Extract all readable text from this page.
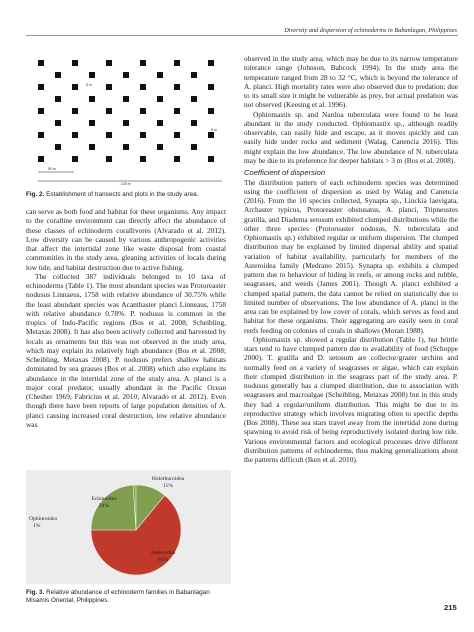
Diversity and dispersion of echinoderms in Babanlagan, Philippines
5 m
5 m
50 m
125 m
Fig. 2. Establishment of transects and plots in the study area.

can serve as both food and habitat for these organisms. Any impact to the coralline environment can directly affect the abundance of these classes of echinoderm corallivores (Alvarado et al. 2012). Low diversity can be caused by various anthropogenic activities that affect the intertidal zone like waste disposal from coastal communities in the study area, gleaning activities of locals during low tide, and habitat destruction due to active fishing.

The collected 387 individuals belonged to 10 taxa of echinoderms (Table 1). The most abundant species was Protoreaster nodusus Linnaeus, 1758 with relative abundance of 30.75% while the least abundant species was Acanthaster planci Linneaus, 1758 with relative abundance 0.78%. P. nodusus is common in the tropics of Indo-Pacific regions (Bos et al. 2008; Scheibling, Metaxas 2008). It has also been actively collected and harvested by locals as ornaments but this was not observed in the study area, which may explain its relatively high abundance (Bos et al. 2008; Scheibling, Metaxas 2008). P. nodusus prefers shallow habitats dominated by sea grasses (Bos et al. 2008) which also explains its abundance in the intertidal zone of the study area. A. planci is a major coral predator, usually abundant in the Pacific Ocean (Chesher 1969; Fabricius et al. 2010; Alvarado et al. 2012). Even though there have been reports of large population densities of A. planci causing increased coral destruction, low relative abundance was

Holothuroidea
11%
Echinoidea
24%
Ophiuroidea
1%
Asteroidea
64%
Fig. 3. Relative abundance of echinoderm families in Babanlagan Misamis Oriental, Philippines.

observed in the study area, which may be due to its narrow temperature tolerance range (Johnson, Babcock 1994). In the study area the temperature ranged from 28 to 32 °C, which is beyond the tolerance of A. planci. High mortality rates were also observed due to predation; due to its small size it might be vulnerable as prey, but actual predation was not observed (Keesing et al. 1996).

Ophiomastix sp. and Nardoa tuberculata were found to be least abundant in the study conducted. Ophiomastix sp., although readily observable, can easily hide and escape, as it moves quickly and can easily hide under rocks and sediment (Walag, Canencia 2016). This might explain the low abundance. The low abundance of N. tuberculata may be due to its preference for deeper habitats > 3 m (Bos et al. 2008).

Coefficient of dispersion

The distribution pattern of each echinoderm species was determined using the coefficient of dispersion as used by Walag and Canencia (2016). From the 10 species collected, Synapta sp., Linckia laevigata, Archaster typicus, Protoreaster obstusatus, A. planci, Tripneustes gratilla, and Diadema setosum exhibited clumped distributions while the other three species (Protoreaster nodosus, N. tuberculata and Ophiomastix sp.) exhibited regular or uniform dispersion. The clumped distribution may be explained by limited dispersal ability and spatial variation of habitat availability, particularly for members of the Asteroidea family (Medrano 2015). Synapta sp. exhibits a clumped pattern due to behaviour of hiding in reefs, or among rocks and rubble, seagrasses, and weeds (James 2001). Though A. planci exhibited a clumped spatial pattern, the data cannot be relied on statistically due to limited number of observations. The low abundance of A. planci in the area can be explained by low cover of corals, which serves as food and habitat for these organisms. Their aggregating are easily seen in coral reefs feeding on colonies of corals in shallows (Moran 1988).

Ophiomastix sp. showed a regular distribution (Table 1), but brittle stars tend to have clumped pattern due to availability of food (Schoppe 2000). T. gratilla and D. setosum are collector/grazer urchins and normally feed on a variety of seagrasses or algae, which can explain their clumped distribution in the seagrass part of the study area. P. nodusus generally has a clumped distribution, due to association with seagrasses and macroalgae (Scheibling, Metaxas 2008) but in this study they had a regular/uniform distribution. This might be due to its reproductive strategy which involves migrating often to specific depths (Bos 2008). These sea stars travel away from the intertidal zone during spawning to avoid risk of being reproductively isolated during low tide. Various environmental factors and ecological processes drive different distribution patterns of echinoderms, thus making generalizations about the patterns difficult (Iken et al. 2010).

215
